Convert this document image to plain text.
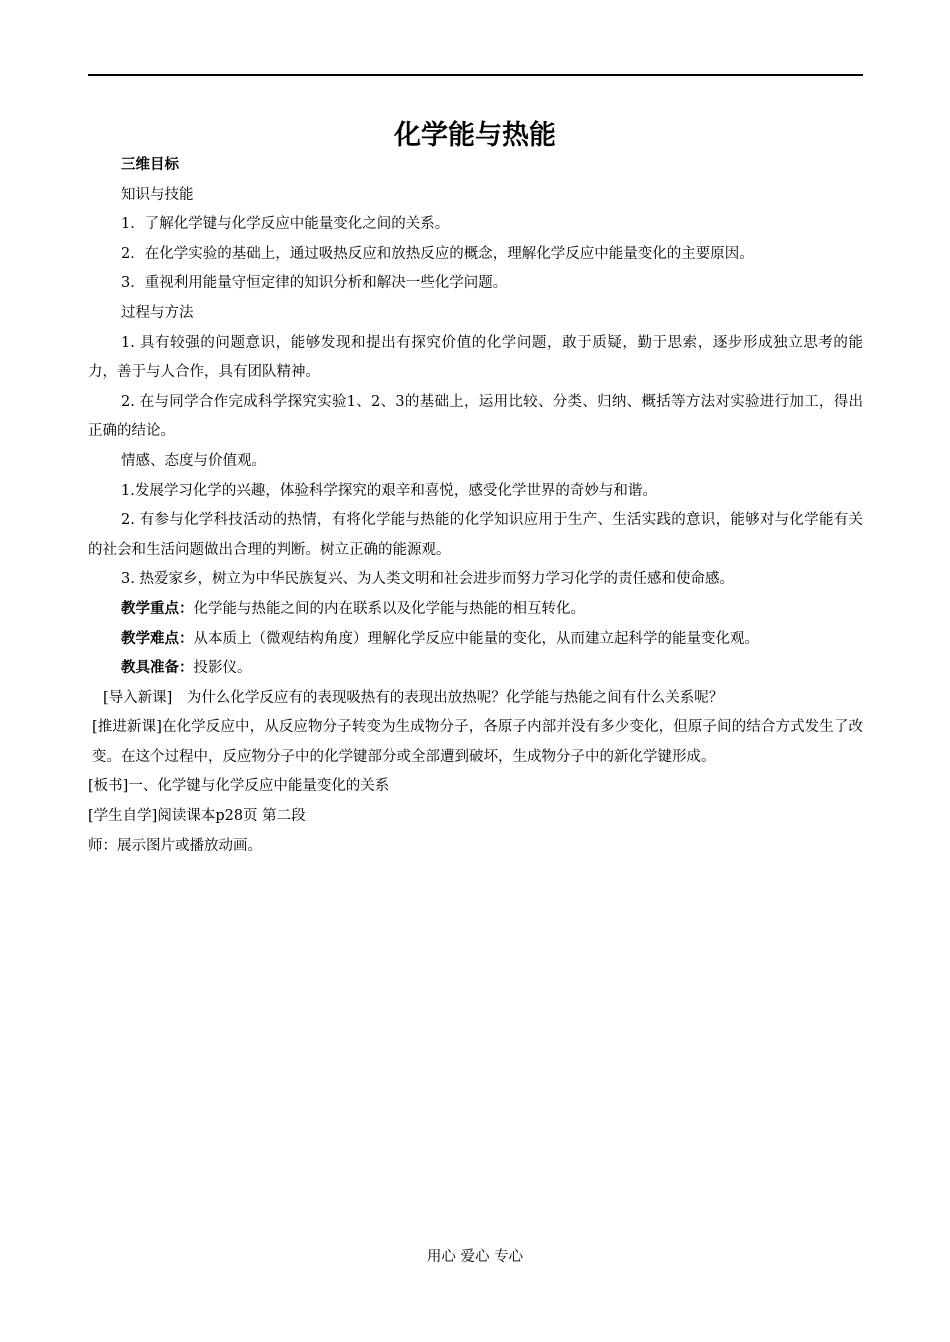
化学能与热能

三维目标

知识与技能

1．了解化学键与化学反应中能量变化之间的关系。

2．在化学实验的基础上，通过吸热反应和放热反应的概念，理解化学反应中能量变化的主要原因。

3．重视利用能量守恒定律的知识分析和解决一些化学问题。

过程与方法

1. 具有较强的问题意识，能够发现和提出有探究价值的化学问题，敢于质疑，勤于思索，逐步形成独立思考的能力，善于与人合作，具有团队精神。

2. 在与同学合作完成科学探究实验1、2、3的基础上，运用比较、分类、归纳、概括等方法对实验进行加工，得出正确的结论。

情感、态度与价值观。

1.发展学习化学的兴趣，体验科学探究的艰辛和喜悦，感受化学世界的奇妙与和谐。

2. 有参与化学科技活动的热情，有将化学能与热能的化学知识应用于生产、生活实践的意识，能够对与化学能有关的社会和生活问题做出合理的判断。树立正确的能源观。

3. 热爱家乡，树立为中华民族复兴、为人类文明和社会进步而努力学习化学的责任感和使命感。

教学重点：化学能与热能之间的内在联系以及化学能与热能的相互转化。

教学难点：从本质上（微观结构角度）理解化学反应中能量的变化，从而建立起科学的能量变化观。

教具准备：投影仪。

[导入新课]　为什么化学反应有的表现吸热有的表现出放热呢？化学能与热能之间有什么关系呢？

[推进新课]在化学反应中，从反应物分子转变为生成物分子，各原子内部并没有多少变化，但原子间的结合方式发生了改变。在这个过程中，反应物分子中的化学键部分或全部遭到破坏，生成物分子中的新化学键形成。

[板书]一、化学键与化学反应中能量变化的关系

[学生自学]阅读课本p28页 第二段

师：展示图片或播放动画。

用心 爱心 专心
